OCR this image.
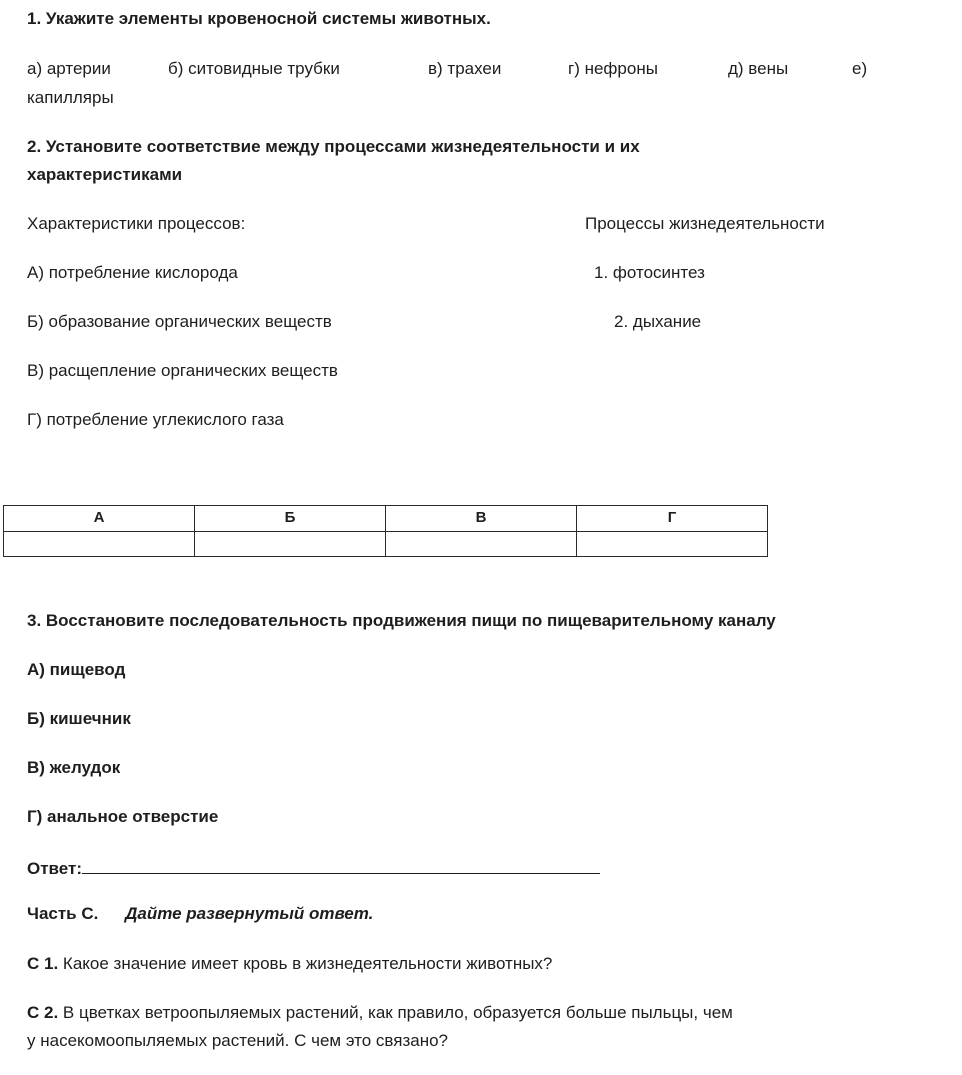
1. Укажите элементы кровеносной системы животных.
а) артерии	б) ситовидные трубки	в) трахеи	г) нефроны	д) вены	е)
капилляры
2. Установите соответствие между процессами жизнедеятельности и их
характеристиками
Характеристики процессов:	Процессы жизнедеятельности
А) потребление кислорода	1. фотосинтез
Б) образование органических веществ	2. дыхание
В) расщепление органических веществ
Г) потребление углекислого газа
А	Б	В	Г

3. Восстановите последовательность продвижения пищи по пищеварительному каналу
А) пищевод
Б) кишечник
В) желудок
Г) анальное отверстие
Ответ:
Часть С. Дайте развернутый ответ.
С 1. Какое значение имеет кровь в жизнедеятельности животных?
С 2. В цветках ветроопыляемых растений, как правило, образуется больше пыльцы, чем
у насекомоопыляемых растений. С чем это связано?
